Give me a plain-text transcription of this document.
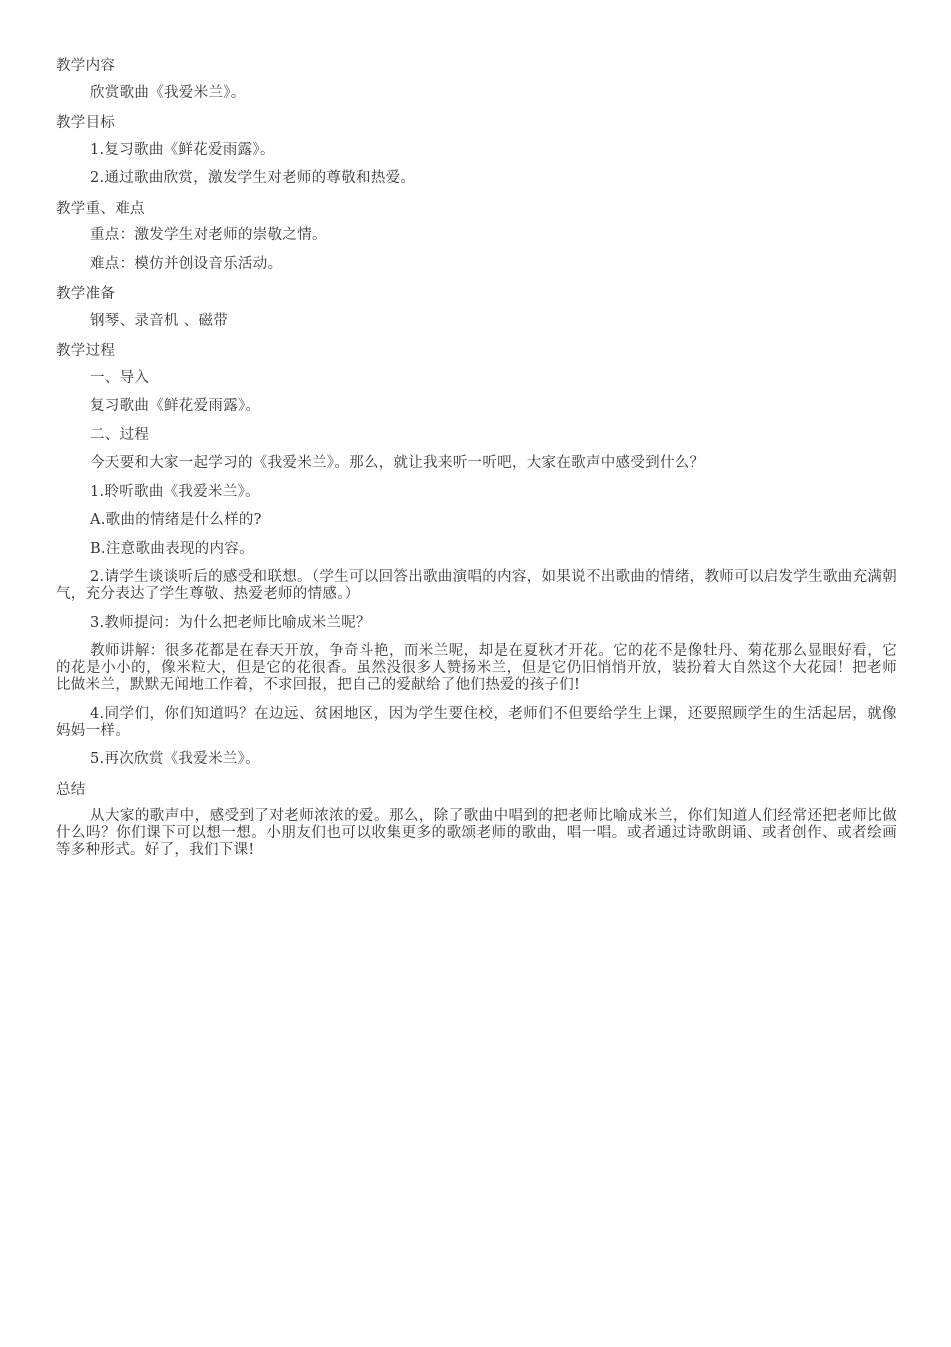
教学内容

欣赏歌曲《我爱米兰》。

教学目标

1.复习歌曲《鲜花爱雨露》。

2.通过歌曲欣赏，激发学生对老师的尊敬和热爱。

教学重、难点

重点：激发学生对老师的崇敬之情。

难点：模仿并创设音乐活动。

教学准备

钢琴、录音机 、磁带

教学过程

一、导入

复习歌曲《鲜花爱雨露》。

二、过程

今天要和大家一起学习的《我爱米兰》。那么，就让我来听一听吧，大家在歌声中感受到什么？

1.聆听歌曲《我爱米兰》。

A.歌曲的情绪是什么样的?

B.注意歌曲表现的内容。

2.请学生谈谈听后的感受和联想。（学生可以回答出歌曲演唱的内容，如果说不出歌曲的情绪，教师可以启发学生歌曲充满朝气，充分表达了学生尊敬、热爱老师的情感。）

3.教师提问：为什么把老师比喻成米兰呢？

教师讲解：很多花都是在春天开放，争奇斗艳，而米兰呢，却是在夏秋才开花。它的花不是像牡丹、菊花那么显眼好看，它的花是小小的，像米粒大，但是它的花很香。虽然没很多人赞扬米兰，但是它仍旧悄悄开放，装扮着大自然这个大花园！把老师比做米兰，默默无闻地工作着，不求回报，把自己的爱献给了他们热爱的孩子们!

4.同学们，你们知道吗？在边远、贫困地区，因为学生要住校，老师们不但要给学生上课，还要照顾学生的生活起居，就像妈妈一样。

5.再次欣赏《我爱米兰》。

总结

从大家的歌声中，感受到了对老师浓浓的爱。那么，除了歌曲中唱到的把老师比喻成米兰，你们知道人们经常还把老师比做什么吗？你们课下可以想一想。小朋友们也可以收集更多的歌颂老师的歌曲，唱一唱。或者通过诗歌朗诵、或者创作、或者绘画等多种形式。好了，我们下课!
